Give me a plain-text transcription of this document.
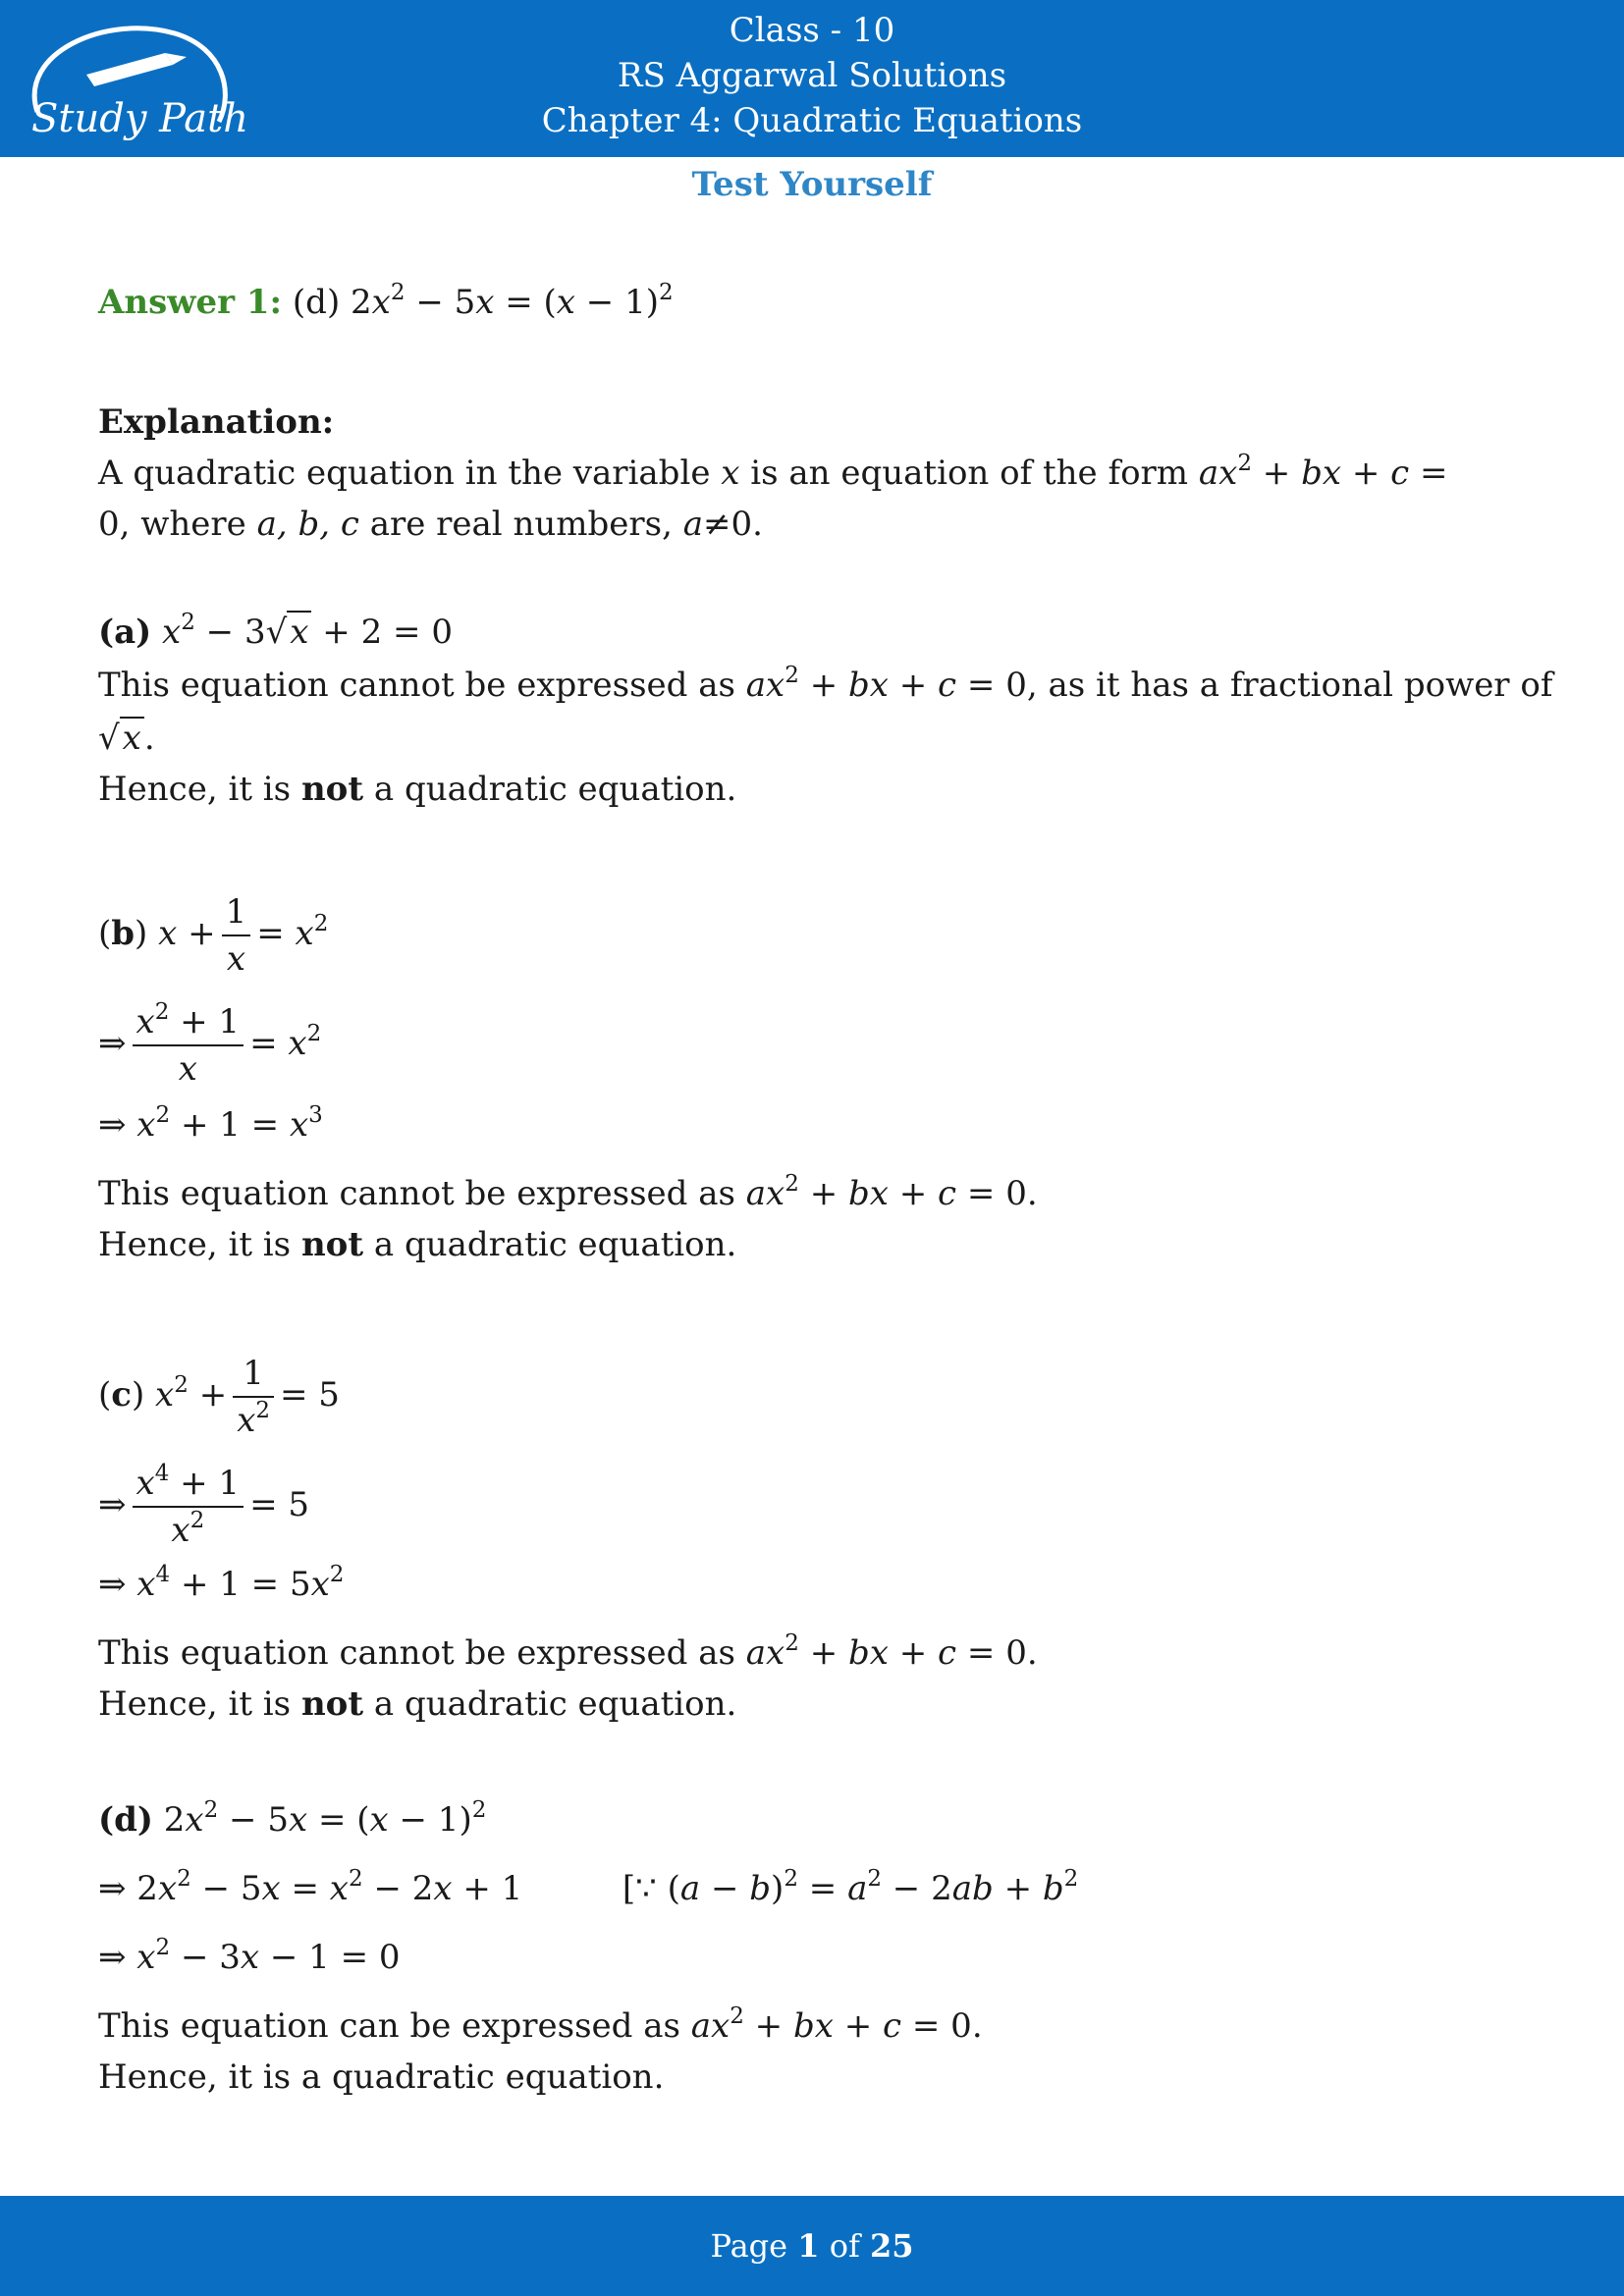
Study Path
Class - 10
RS Aggarwal Solutions
Chapter 4: Quadratic Equations
Test Yourself
Answer 1: (d) $2x^2 - 5x = (x - 1)^2$
Explanation:
A quadratic equation in the variable x is an equation of the form $ax^2$ + bx + c =
0, where a, b, c are real numbers, a≠0.
(a) $x^2 - 3√x + 2 = 0$
This equation cannot be expressed as $ax^2$ + bx + c = 0, as it has a fractional power of
√x.
Hence, it is not a quadratic equation.
(b) $x + \frac{1}{x} = x^2$
⇒ $\frac{x^2 + 1}{x} = x^2$
⇒ $x^2 + 1 = x^3$
This equation cannot be expressed as $ax^2$ + bx + c = 0.
Hence, it is not a quadratic equation.
(c) $x^2 + \frac{1}{x^2} = 5$
⇒ $\frac{x^4 + 1}{x^2} = 5$
⇒ $x^4 + 1 = 5x^2$
This equation cannot be expressed as $ax^2$ + bx + c = 0.
Hence, it is not a quadratic equation.
(d) $2x^2 - 5x = (x - 1)^2$
⇒ $2x^2 - 5x = x^2 - 2x + 1$	[∵ $(a - b)^2 = a^2 - 2ab + b^2$
⇒ $x^2 - 3x - 1 = 0$
This equation can be expressed as $ax^2$ + bx + c = 0.
Hence, it is a quadratic equation.
Page 1 of 25
